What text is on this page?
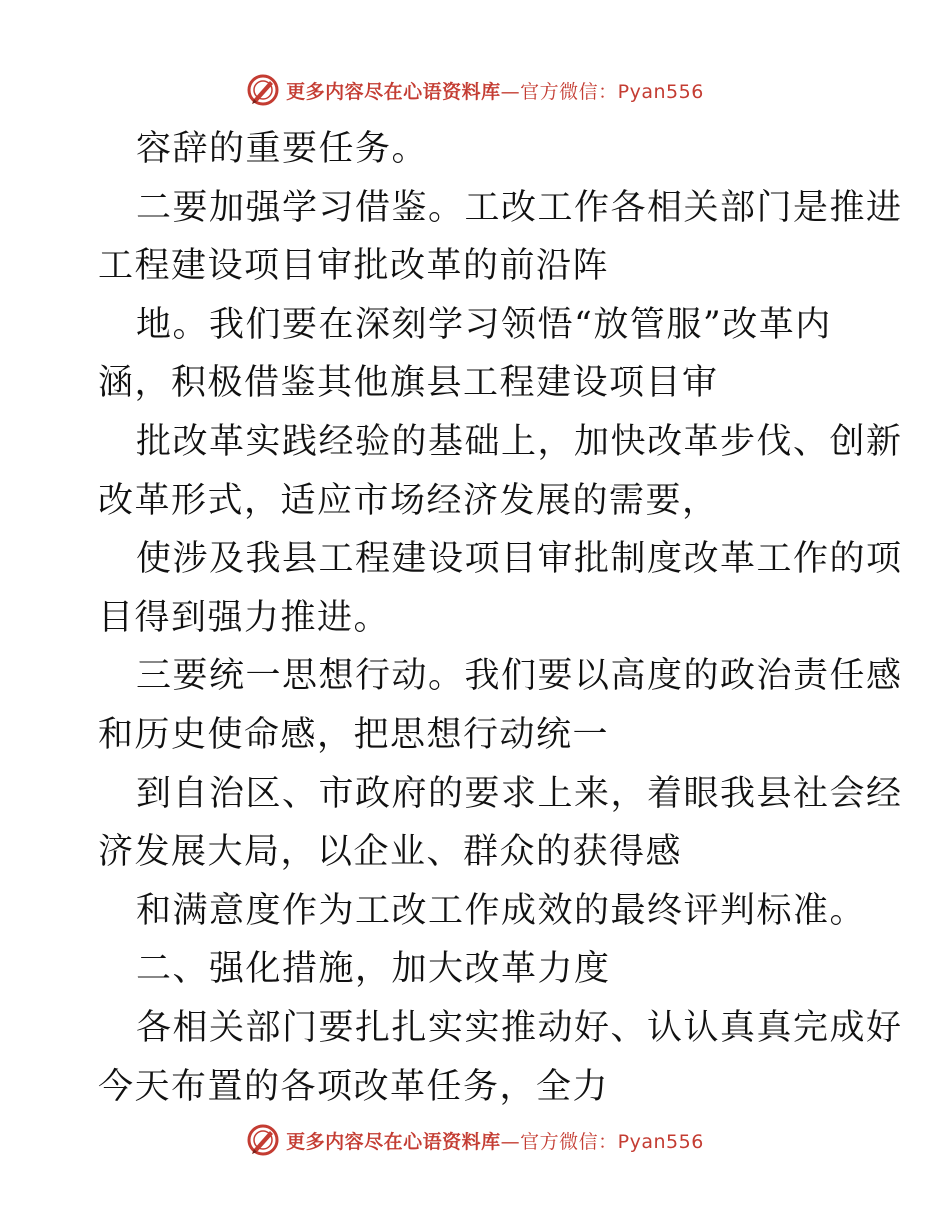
更多内容尽在心语资料库—官方微信：Pyan556
容辞的重要任务。
二要加强学习借鉴。工改工作各相关部门是推进
工程建设项目审批改革的前沿阵
地。我们要在深刻学习领悟“放管服”改革内
涵，积极借鉴其他旗县工程建设项目审
批改革实践经验的基础上，加快改革步伐、创新
改革形式，适应市场经济发展的需要，
使涉及我县工程建设项目审批制度改革工作的项
目得到强力推进。
三要统一思想行动。我们要以高度的政治责任感
和历史使命感，把思想行动统一
到自治区、市政府的要求上来，着眼我县社会经
济发展大局，以企业、群众的获得感
和满意度作为工改工作成效的最终评判标准。
二、强化措施，加大改革力度
各相关部门要扎扎实实推动好、认认真真完成好
今天布置的各项改革任务，全力
更多内容尽在心语资料库—官方微信：Pyan556
